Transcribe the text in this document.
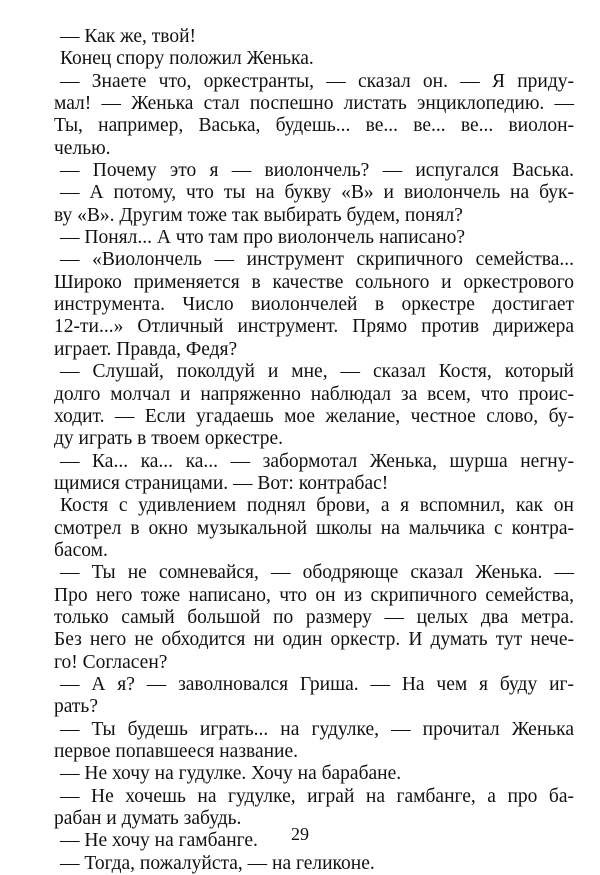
— Как же, твой!
Конец спору положил Женька.
— Знаете что, оркестранты, — сказал он. — Я приду-
мал! — Женька стал поспешно листать энциклопедию. —
Ты, например, Васька, будешь... ве... ве... ве... виолон-
челью.
— Почему это я — виолончель? — испугался Васька.
— А потому, что ты на букву «В» и виолончель на бук-
ву «В». Другим тоже так выбирать будем, понял?
— Понял... А что там про виолончель написано?
— «Виолончель — инструмент скрипичного семейства...
Широко применяется в качестве сольного и оркестрового
инструмента. Число виолончелей в оркестре достигает
12-ти...» Отличный инструмент. Прямо против дирижера
играет. Правда, Федя?
— Слушай, поколдуй и мне, — сказал Костя, который
долго молчал и напряженно наблюдал за всем, что проис-
ходит. — Если угадаешь мое желание, честное слово, бу-
ду играть в твоем оркестре.
— Ка... ка... ка... — забормотал Женька, шурша негну-
щимися страницами. — Вот: контрабас!
Костя с удивлением поднял брови, а я вспомнил, как он
смотрел в окно музыкальной школы на мальчика с контра-
басом.
— Ты не сомневайся, — ободряюще сказал Женька. —
Про него тоже написано, что он из скрипичного семейства,
только самый большой по размеру — целых два метра.
Без него не обходится ни один оркестр. И думать тут нече-
го! Согласен?
— А я? — заволновался Гриша. — На чем я буду иг-
рать?
— Ты будешь играть... на гудулке, — прочитал Женька
первое попавшееся название.
— Не хочу на гудулке. Хочу на барабане.
— Не хочешь на гудулке, играй на гамбанге, а про ба-
рабан и думать забудь.
— Не хочу на гамбанге.
— Тогда, пожалуйста, — на геликоне.
29
